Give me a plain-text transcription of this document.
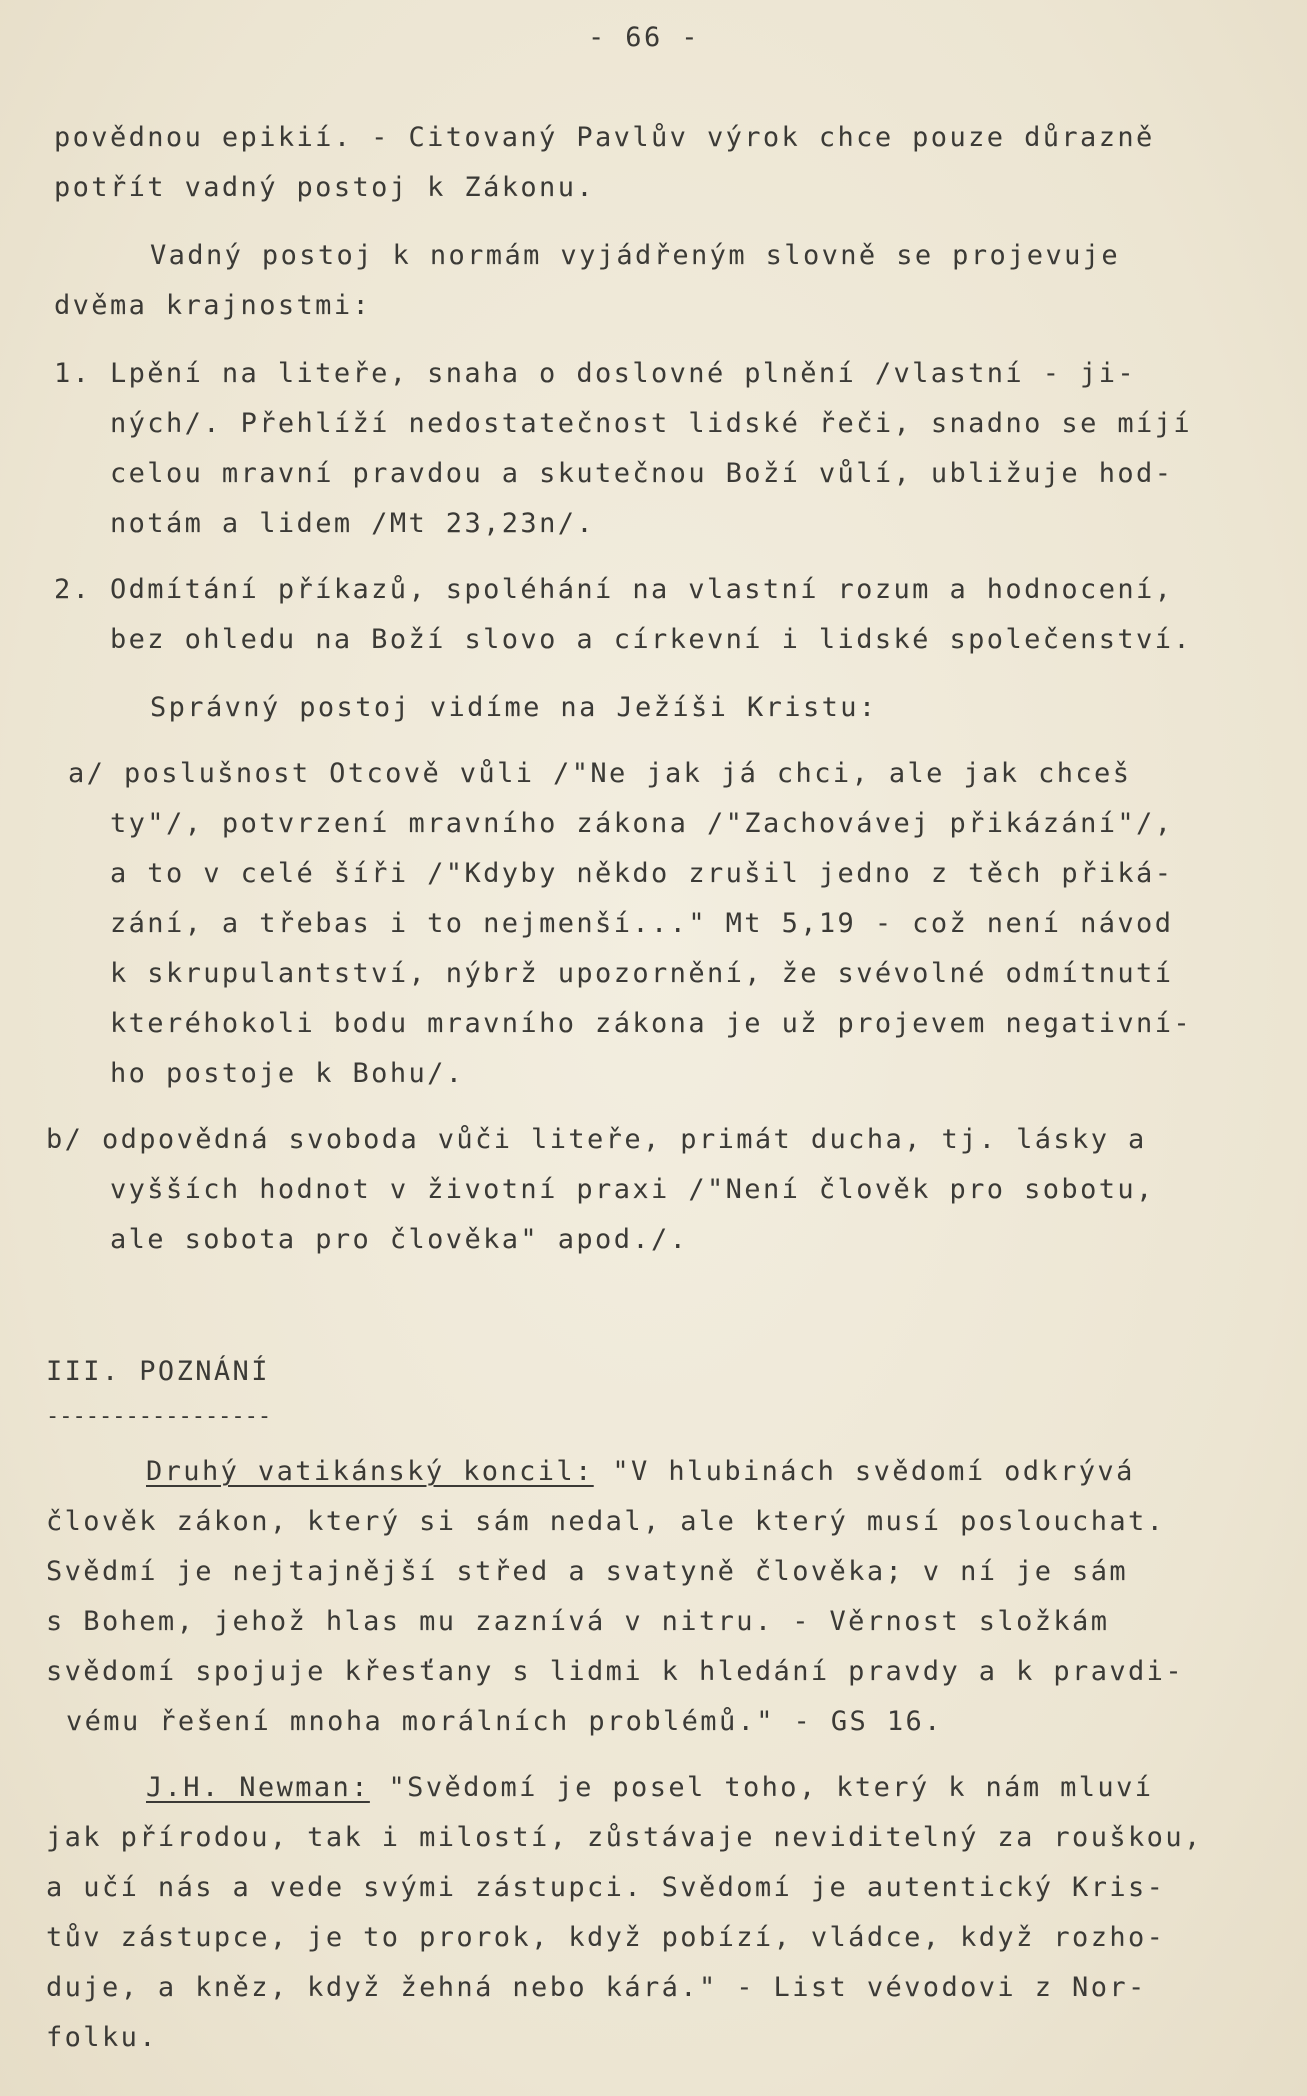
- 66 -

povědnou epikií. - Citovaný Pavlův výrok chce pouze důrazně

potřít vadný postoj k Zákonu.

Vadný postoj k normám vyjádřeným slovně se projevuje

dvěma krajnostmi:

1. Lpění na liteře, snaha o doslovné plnění /vlastní - ji-

ných/. Přehlíží nedostatečnost lidské řeči, snadno se míjí

celou mravní pravdou a skutečnou Boží vůlí, ubližuje hod-

notám a lidem /Mt 23,23n/.

2. Odmítání příkazů, spoléhání na vlastní rozum a hodnocení,

bez ohledu na Boží slovo a církevní i lidské společenství.

Správný postoj vidíme na Ježíši Kristu:

a/ poslušnost Otcově vůli /"Ne jak já chci, ale jak chceš

ty"/, potvrzení mravního zákona /"Zachovávej přikázání"/,

a to v celé šíři /"Kdyby někdo zrušil jedno z těch přiká-

zání, a třebas i to nejmenší..." Mt 5,19 - což není návod

k skrupulantství, nýbrž upozornění, že svévolné odmítnutí

kteréhokoli bodu mravního zákona je už projevem negativní-

ho postoje k Bohu/.

b/ odpovědná svoboda vůči liteře, primát ducha, tj. lásky a

vyšších hodnot v životní praxi /"Není člověk pro sobotu,

ale sobota pro člověka" apod./.

III. POZNÁNÍ

-----------------

Druhý vatikánský koncil: "V hlubinách svědomí odkrývá

člověk zákon, který si sám nedal, ale který musí poslouchat.

Svědmí je nejtajnější střed a svatyně člověka; v ní je sám

s Bohem, jehož hlas mu zaznívá v nitru. - Věrnost složkám

svědomí spojuje křesťany s lidmi k hledání pravdy a k pravdi-

vému řešení mnoha morálních problémů." - GS 16.

J.H. Newman: "Svědomí je posel toho, který k nám mluví

jak přírodou, tak i milostí, zůstávaje neviditelný za rouškou,

a učí nás a vede svými zástupci. Svědomí je autentický Kris-

tův zástupce, je to prorok, když pobízí, vládce, když rozho-

duje, a kněz, když žehná nebo kárá." - List vévodovi z Nor-

folku.
